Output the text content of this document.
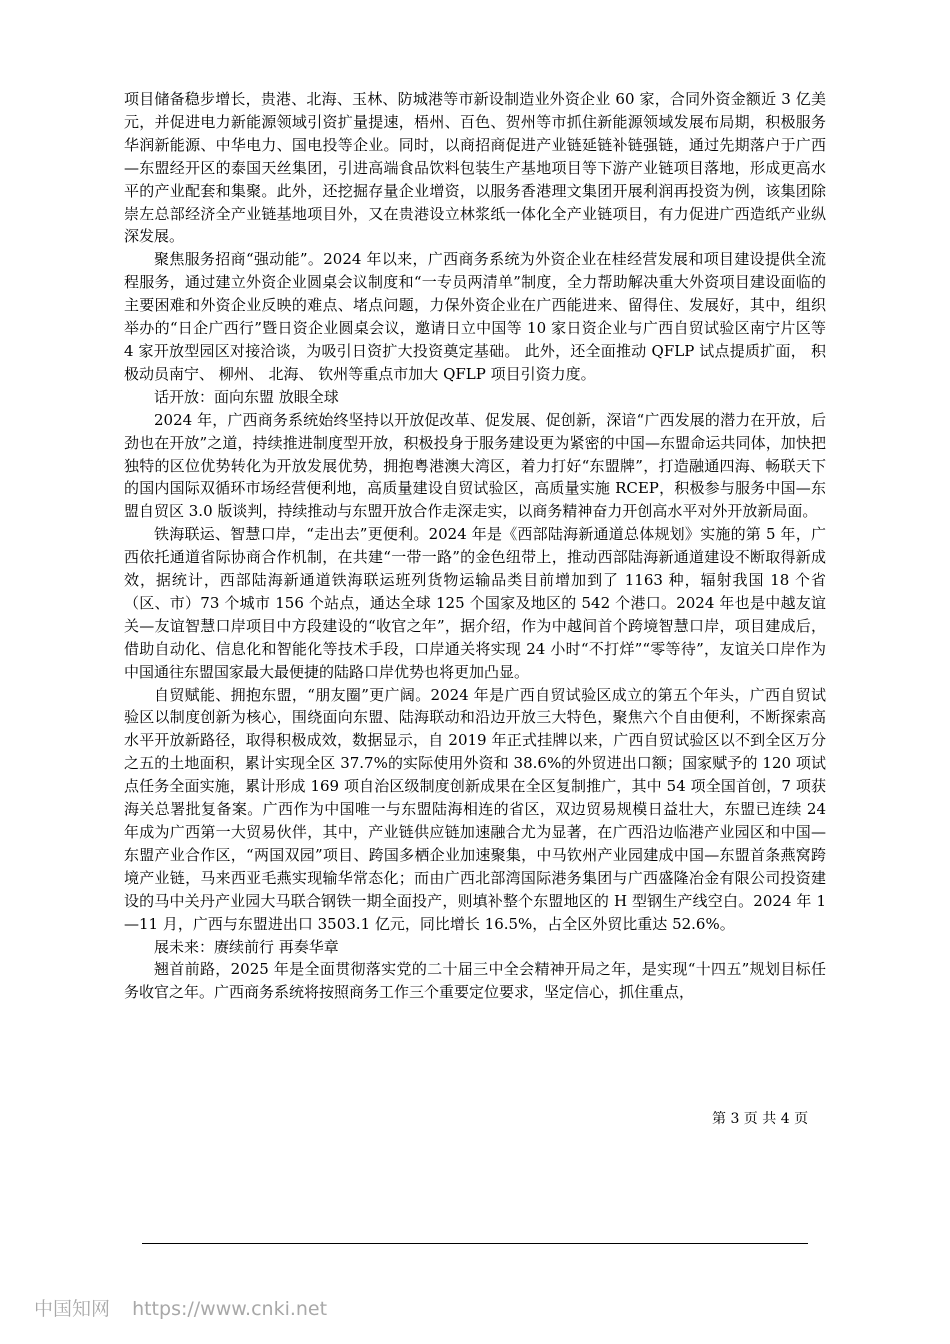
项目储备稳步增长，贵港、北海、玉林、防城港等市新设制造业外资企业 60 家，合同外资金额近 3 亿美元，并促进电力新能源领域引资扩量提速，梧州、百色、贺州等市抓住新能源领域发展布局期，积极服务华润新能源、中华电力、国电投等企业。同时，以商招商促进产业链延链补链强链，通过先期落户于广西—东盟经开区的泰国天丝集团，引进高端食品饮料包装生产基地项目等下游产业链项目落地，形成更高水平的产业配套和集聚。此外，还挖掘存量企业增资，以服务香港理文集团开展利润再投资为例，该集团除崇左总部经济全产业链基地项目外，又在贵港设立林浆纸一体化全产业链项目，有力促进广西造纸产业纵深发展。

聚焦服务招商“强动能”。2024 年以来，广西商务系统为外资企业在桂经营发展和项目建设提供全流程服务，通过建立外资企业圆桌会议制度和“一专员两清单”制度，全力帮助解决重大外资项目建设面临的主要困难和外资企业反映的难点、堵点问题，力保外资企业在广西能进来、留得住、发展好，其中，组织举办的“日企广西行”暨日资企业圆桌会议，邀请日立中国等 10 家日资企业与广西自贸试验区南宁片区等 4 家开放型园区对接洽谈，为吸引日资扩大投资奠定基础。 此外，还全面推动 QFLP 试点提质扩面， 积极动员南宁、 柳州、 北海、 钦州等重点市加大 QFLP 项目引资力度。

话开放：面向东盟 放眼全球

2024 年，广西商务系统始终坚持以开放促改革、促发展、促创新，深谙“广西发展的潜力在开放，后劲也在开放”之道，持续推进制度型开放，积极投身于服务建设更为紧密的中国—东盟命运共同体，加快把独特的区位优势转化为开放发展优势，拥抱粤港澳大湾区，着力打好“东盟牌”，打造融通四海、畅联天下的国内国际双循环市场经营便利地，高质量建设自贸试验区，高质量实施 RCEP，积极参与服务中国—东盟自贸区 3.0 版谈判，持续推动与东盟开放合作走深走实，以商务精神奋力开创高水平对外开放新局面。

铁海联运、智慧口岸，“走出去”更便利。2024 年是《西部陆海新通道总体规划》实施的第 5 年，广西依托通道省际协商合作机制，在共建“一带一路”的金色纽带上，推动西部陆海新通道建设不断取得新成效，据统计，西部陆海新通道铁海联运班列货物运输品类目前增加到了 1163 种，辐射我国 18 个省（区、市）73 个城市 156 个站点，通达全球 125 个国家及地区的 542 个港口。2024 年也是中越友谊关—友谊智慧口岸项目中方段建设的“收官之年”，据介绍，作为中越间首个跨境智慧口岸，项目建成后，借助自动化、信息化和智能化等技术手段，口岸通关将实现 24 小时“不打烊”“零等待”，友谊关口岸作为中国通往东盟国家最大最便捷的陆路口岸优势也将更加凸显。

自贸赋能、拥抱东盟，“朋友圈”更广阔。2024 年是广西自贸试验区成立的第五个年头，广西自贸试验区以制度创新为核心，围绕面向东盟、陆海联动和沿边开放三大特色，聚焦六个自由便利，不断探索高水平开放新路径，取得积极成效，数据显示，自 2019 年正式挂牌以来，广西自贸试验区以不到全区万分之五的土地面积，累计实现全区 37.7%的实际使用外资和 38.6%的外贸进出口额；国家赋予的 120 项试点任务全面实施，累计形成 169 项自治区级制度创新成果在全区复制推广，其中 54 项全国首创，7 项获海关总署批复备案。广西作为中国唯一与东盟陆海相连的省区，双边贸易规模日益壮大，东盟已连续 24 年成为广西第一大贸易伙伴，其中，产业链供应链加速融合尤为显著，在广西沿边临港产业园区和中国—东盟产业合作区，“两国双园”项目、跨国多栖企业加速聚集，中马钦州产业园建成中国—东盟首条燕窝跨境产业链，马来西亚毛燕实现输华常态化；而由广西北部湾国际港务集团与广西盛隆冶金有限公司投资建设的马中关丹产业园大马联合钢铁一期全面投产，则填补整个东盟地区的 H 型钢生产线空白。2024 年 1—11 月，广西与东盟进出口 3503.1 亿元，同比增长 16.5%，占全区外贸比重达 52.6%。

展未来：赓续前行 再奏华章

翘首前路，2025 年是全面贯彻落实党的二十届三中全会精神开局之年，是实现“十四五”规划目标任务收官之年。广西商务系统将按照商务工作三个重要定位要求，坚定信心，抓住重点，

第 3 页 共 4 页
中国知网 https://www.cnki.net
